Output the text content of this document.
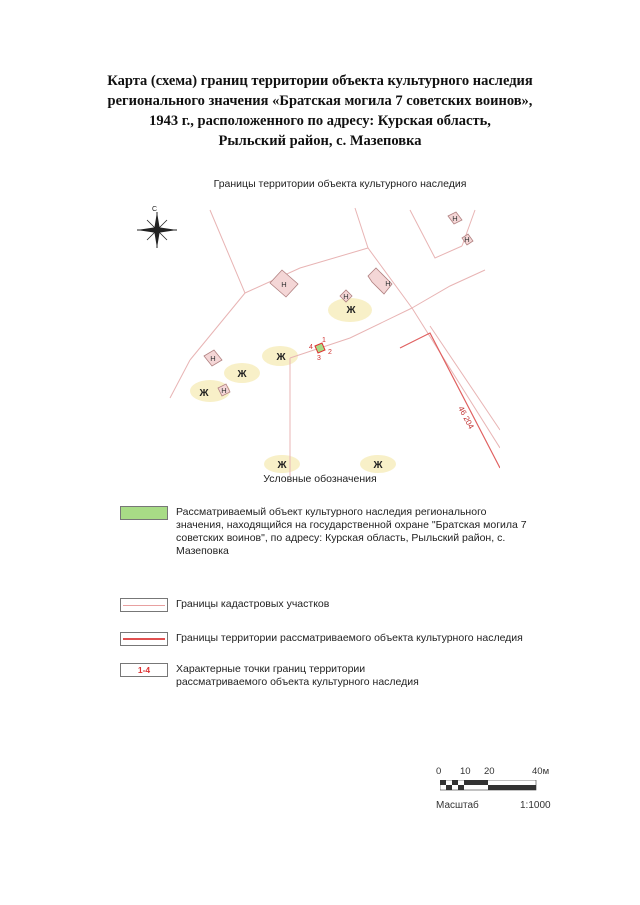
Карта (схема) границ территории объекта культурного наследия
регионального значения «Братская могила 7 советских воинов»,
1943 г., расположенного по адресу: Курская область,
Рыльский район, с. Мазеповка
Границы территории объекта культурного наследия
Н
Н
Н
Н
Н
Н
Н
46 204
1
2
3
4
Ж
Ж
Ж
Ж
Ж	Ж
С
Условные обозначения
Рассматриваемый объект культурного наследия регионального значения, находящийся на государственной охране "Братская могила 7 советских воинов", по адресу: Курская область, Рыльский район, с. Мазеповка
Границы кадастровых участков
Границы территории рассматриваемого объекта культурного наследия
1-4	Характерные точки границ территории рассматриваемого объекта культурного наследия
0 10 20	40м
Масштаб	1:1000
